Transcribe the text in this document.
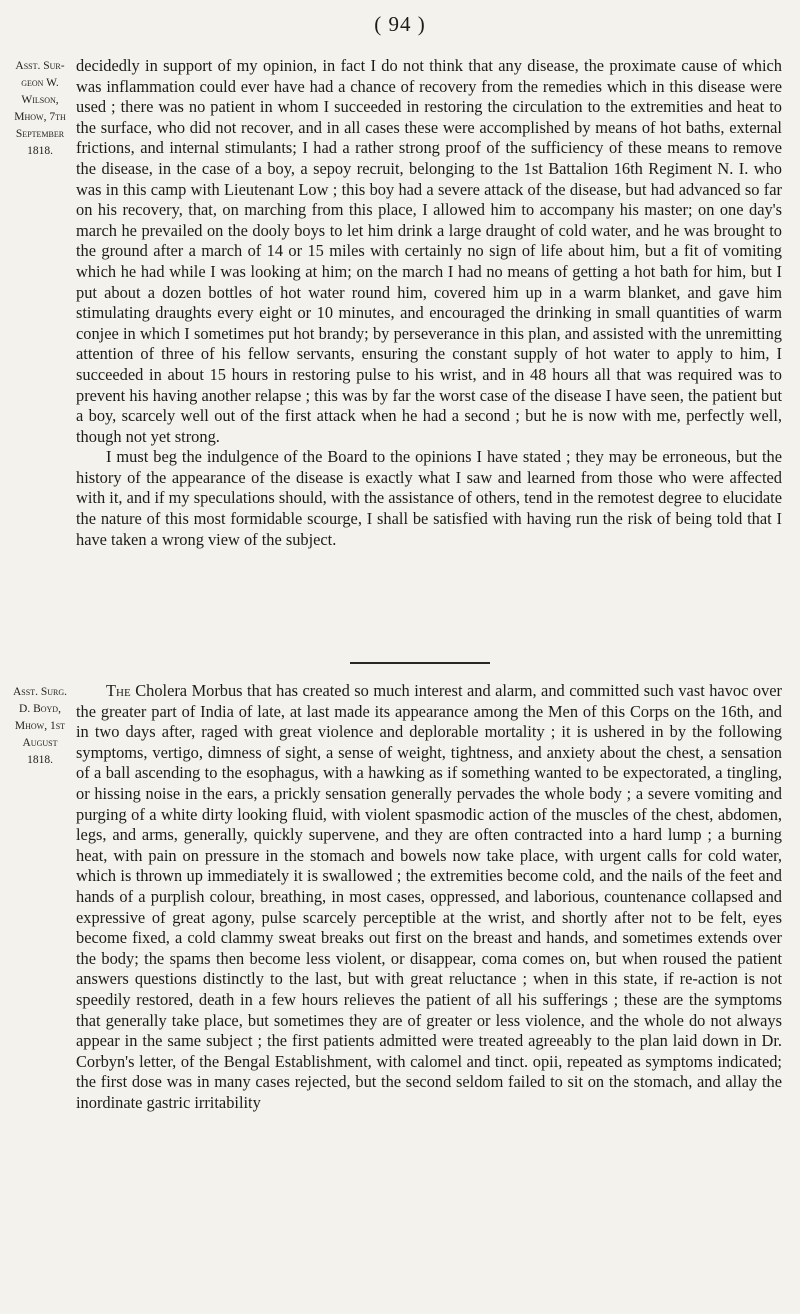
( 94 )
Asst. Sur-
geon W.
Wilson,
Mhow, 7th
September
1818.

decidedly in support of my opinion, in fact I do not think that any disease, the proximate cause of which was inflammation could ever have had a chance of recovery from the remedies which in this disease were used ; there was no patient in whom I succeeded in restoring the circulation to the extremities and heat to the surface, who did not recover, and in all cases these were accomplished by means of hot baths, external frictions, and internal stimulants; I had a rather strong proof of the sufficiency of these means to remove the disease, in the case of a boy, a sepoy recruit, belonging to the 1st Battalion 16th Regiment N. I. who was in this camp with Lieutenant Low ; this boy had a severe attack of the disease, but had advanced so far on his recovery, that, on marching from this place, I allowed him to accompany his master; on one day's march he prevailed on the dooly boys to let him drink a large draught of cold water, and he was brought to the ground after a march of 14 or 15 miles with certainly no sign of life about him, but a fit of vomiting which he had while I was looking at him; on the march I had no means of getting a hot bath for him, but I put about a dozen bottles of hot water round him, covered him up in a warm blanket, and gave him stimulating draughts every eight or 10 minutes, and encouraged the drinking in small quantities of warm conjee in which I sometimes put hot brandy; by perseverance in this plan, and assisted with the unremitting attention of three of his fellow servants, ensuring the constant supply of hot water to apply to him, I succeeded in about 15 hours in restoring pulse to his wrist, and in 48 hours all that was required was to prevent his having another relapse ; this was by far the worst case of the disease I have seen, the patient but a boy, scarcely well out of the first attack when he had a second ; but he is now with me, perfectly well, though not yet strong.

I must beg the indulgence of the Board to the opinions I have stated ; they may be erroneous, but the history of the appearance of the disease is exactly what I saw and learned from those who were affected with it, and if my speculations should, with the assistance of others, tend in the remotest degree to elucidate the nature of this most formidable scourge, I shall be satisfied with having run the risk of being told that I have taken a wrong view of the subject.

Asst. Surg.
D. Boyd,
Mhow, 1st
August
1818.

The Cholera Morbus that has created so much interest and alarm, and committed such vast havoc over the greater part of India of late, at last made its appearance among the Men of this Corps on the 16th, and in two days after, raged with great violence and deplorable mortality ; it is ushered in by the following symptoms, vertigo, dimness of sight, a sense of weight, tightness, and anxiety about the chest, a sensation of a ball ascending to the esophagus, with a hawking as if something wanted to be expectorated, a tingling, or hissing noise in the ears, a prickly sensation generally pervades the whole body ; a severe vomiting and purging of a white dirty looking fluid, with violent spasmodic action of the muscles of the chest, abdomen, legs, and arms, generally, quickly supervene, and they are often contracted into a hard lump ; a burning heat, with pain on pressure in the stomach and bowels now take place, with urgent calls for cold water, which is thrown up immediately it is swallowed ; the extremities become cold, and the nails of the feet and hands of a purplish colour, breathing, in most cases, oppressed, and laborious, countenance collapsed and expressive of great agony, pulse scarcely perceptible at the wrist, and shortly after not to be felt, eyes become fixed, a cold clammy sweat breaks out first on the breast and hands, and sometimes extends over the body; the spams then become less violent, or disappear, coma comes on, but when roused the patient answers questions distinctly to the last, but with great reluctance ; when in this state, if re-action is not speedily restored, death in a few hours relieves the patient of all his sufferings ; these are the symptoms that generally take place, but sometimes they are of greater or less violence, and the whole do not always appear in the same subject ; the first patients admitted were treated agreeably to the plan laid down in Dr. Corbyn's letter, of the Bengal Establishment, with calomel and tinct. opii, repeated as symptoms indicated; the first dose was in many cases rejected, but the second seldom failed to sit on the stomach, and allay the inordinate gastric irritability
